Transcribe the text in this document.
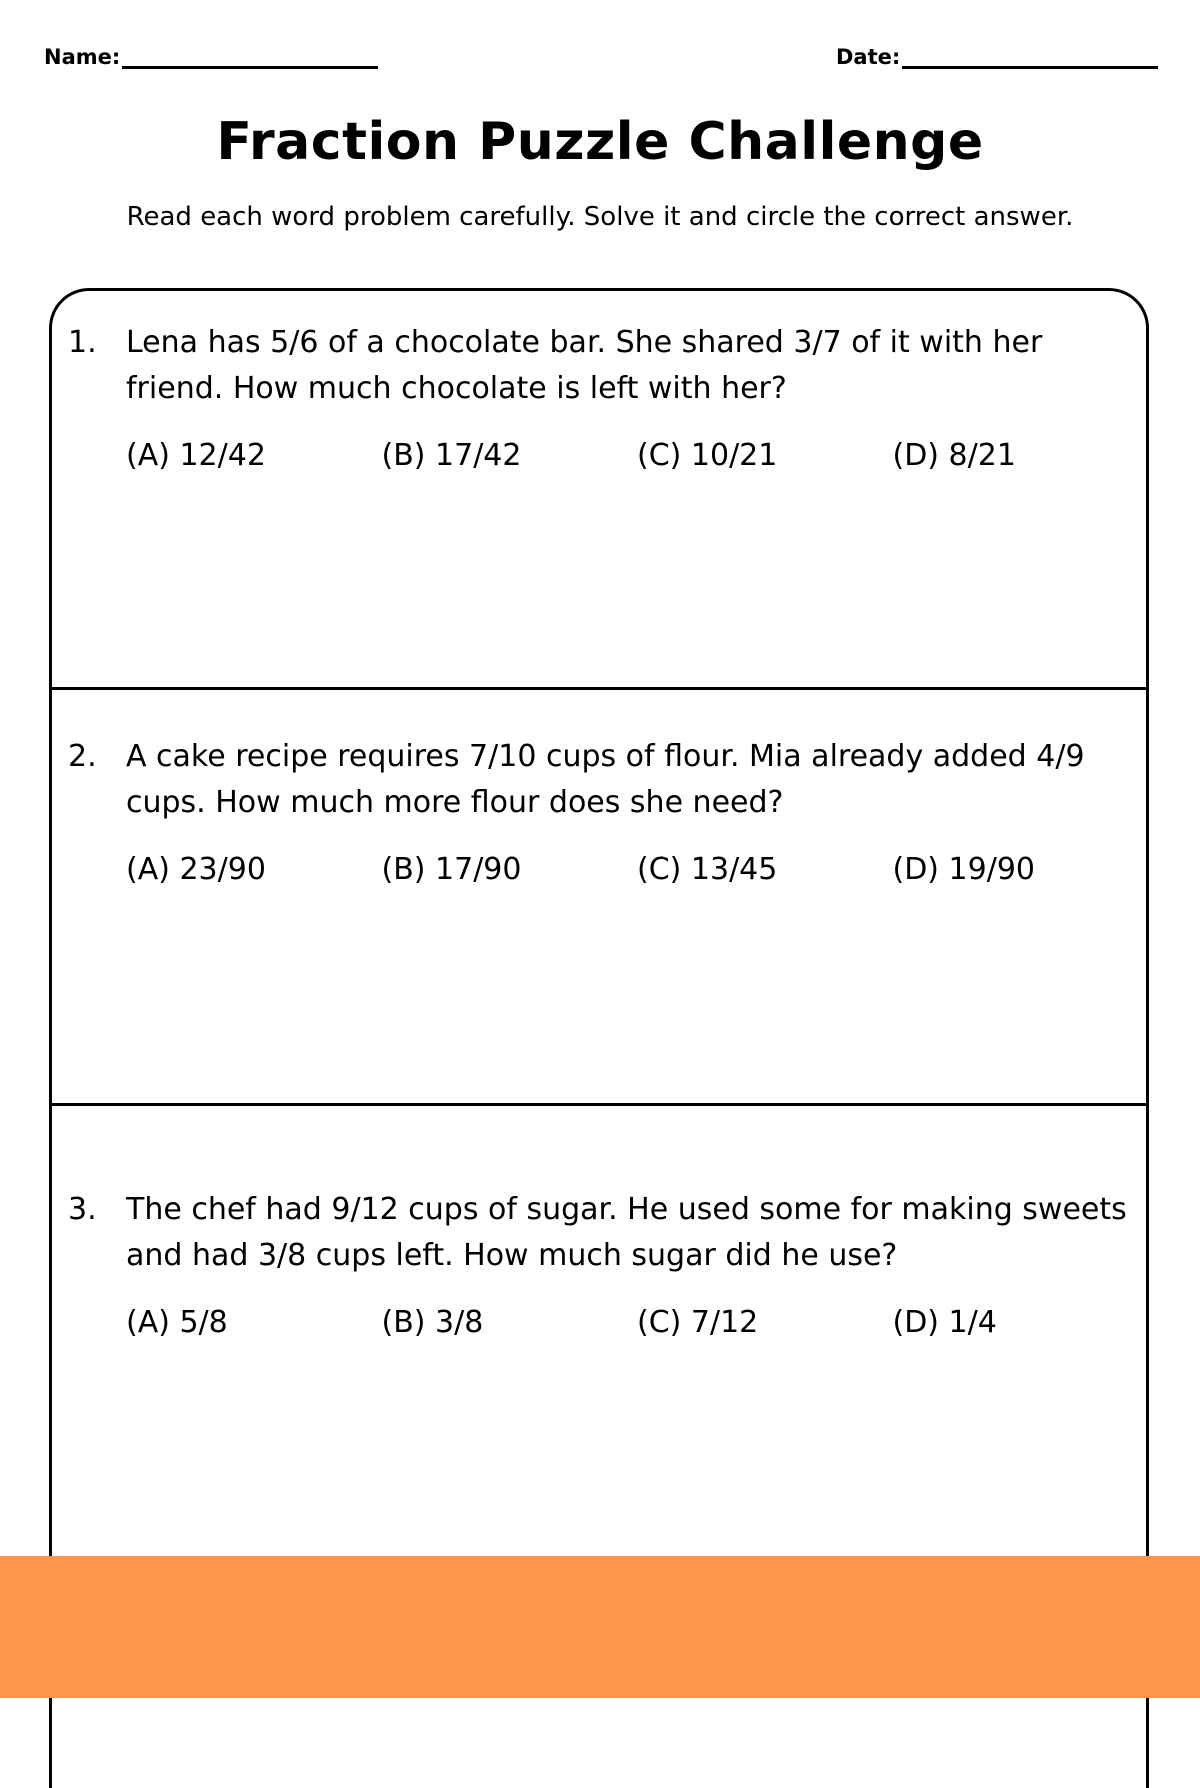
Name:	Date:
Fraction Puzzle Challenge
Read each word problem carefully. Solve it and circle the correct answer.
1. Lena has 5/6 of a chocolate bar. She shared 3/7 of it with her friend. How much chocolate is left with her?
(A) 12/42	(B) 17/42	(C) 10/21	(D) 8/21
2. A cake recipe requires 7/10 cups of flour. Mia already added 4/9 cups. How much more flour does she need?
(A) 23/90	(B) 17/90	(C) 13/45	(D) 19/90
3. The chef had 9/12 cups of sugar. He used some for making sweets and had 3/8 cups left. How much sugar did he use?
(A) 5/8	(B) 3/8	(C) 7/12	(D) 1/4
